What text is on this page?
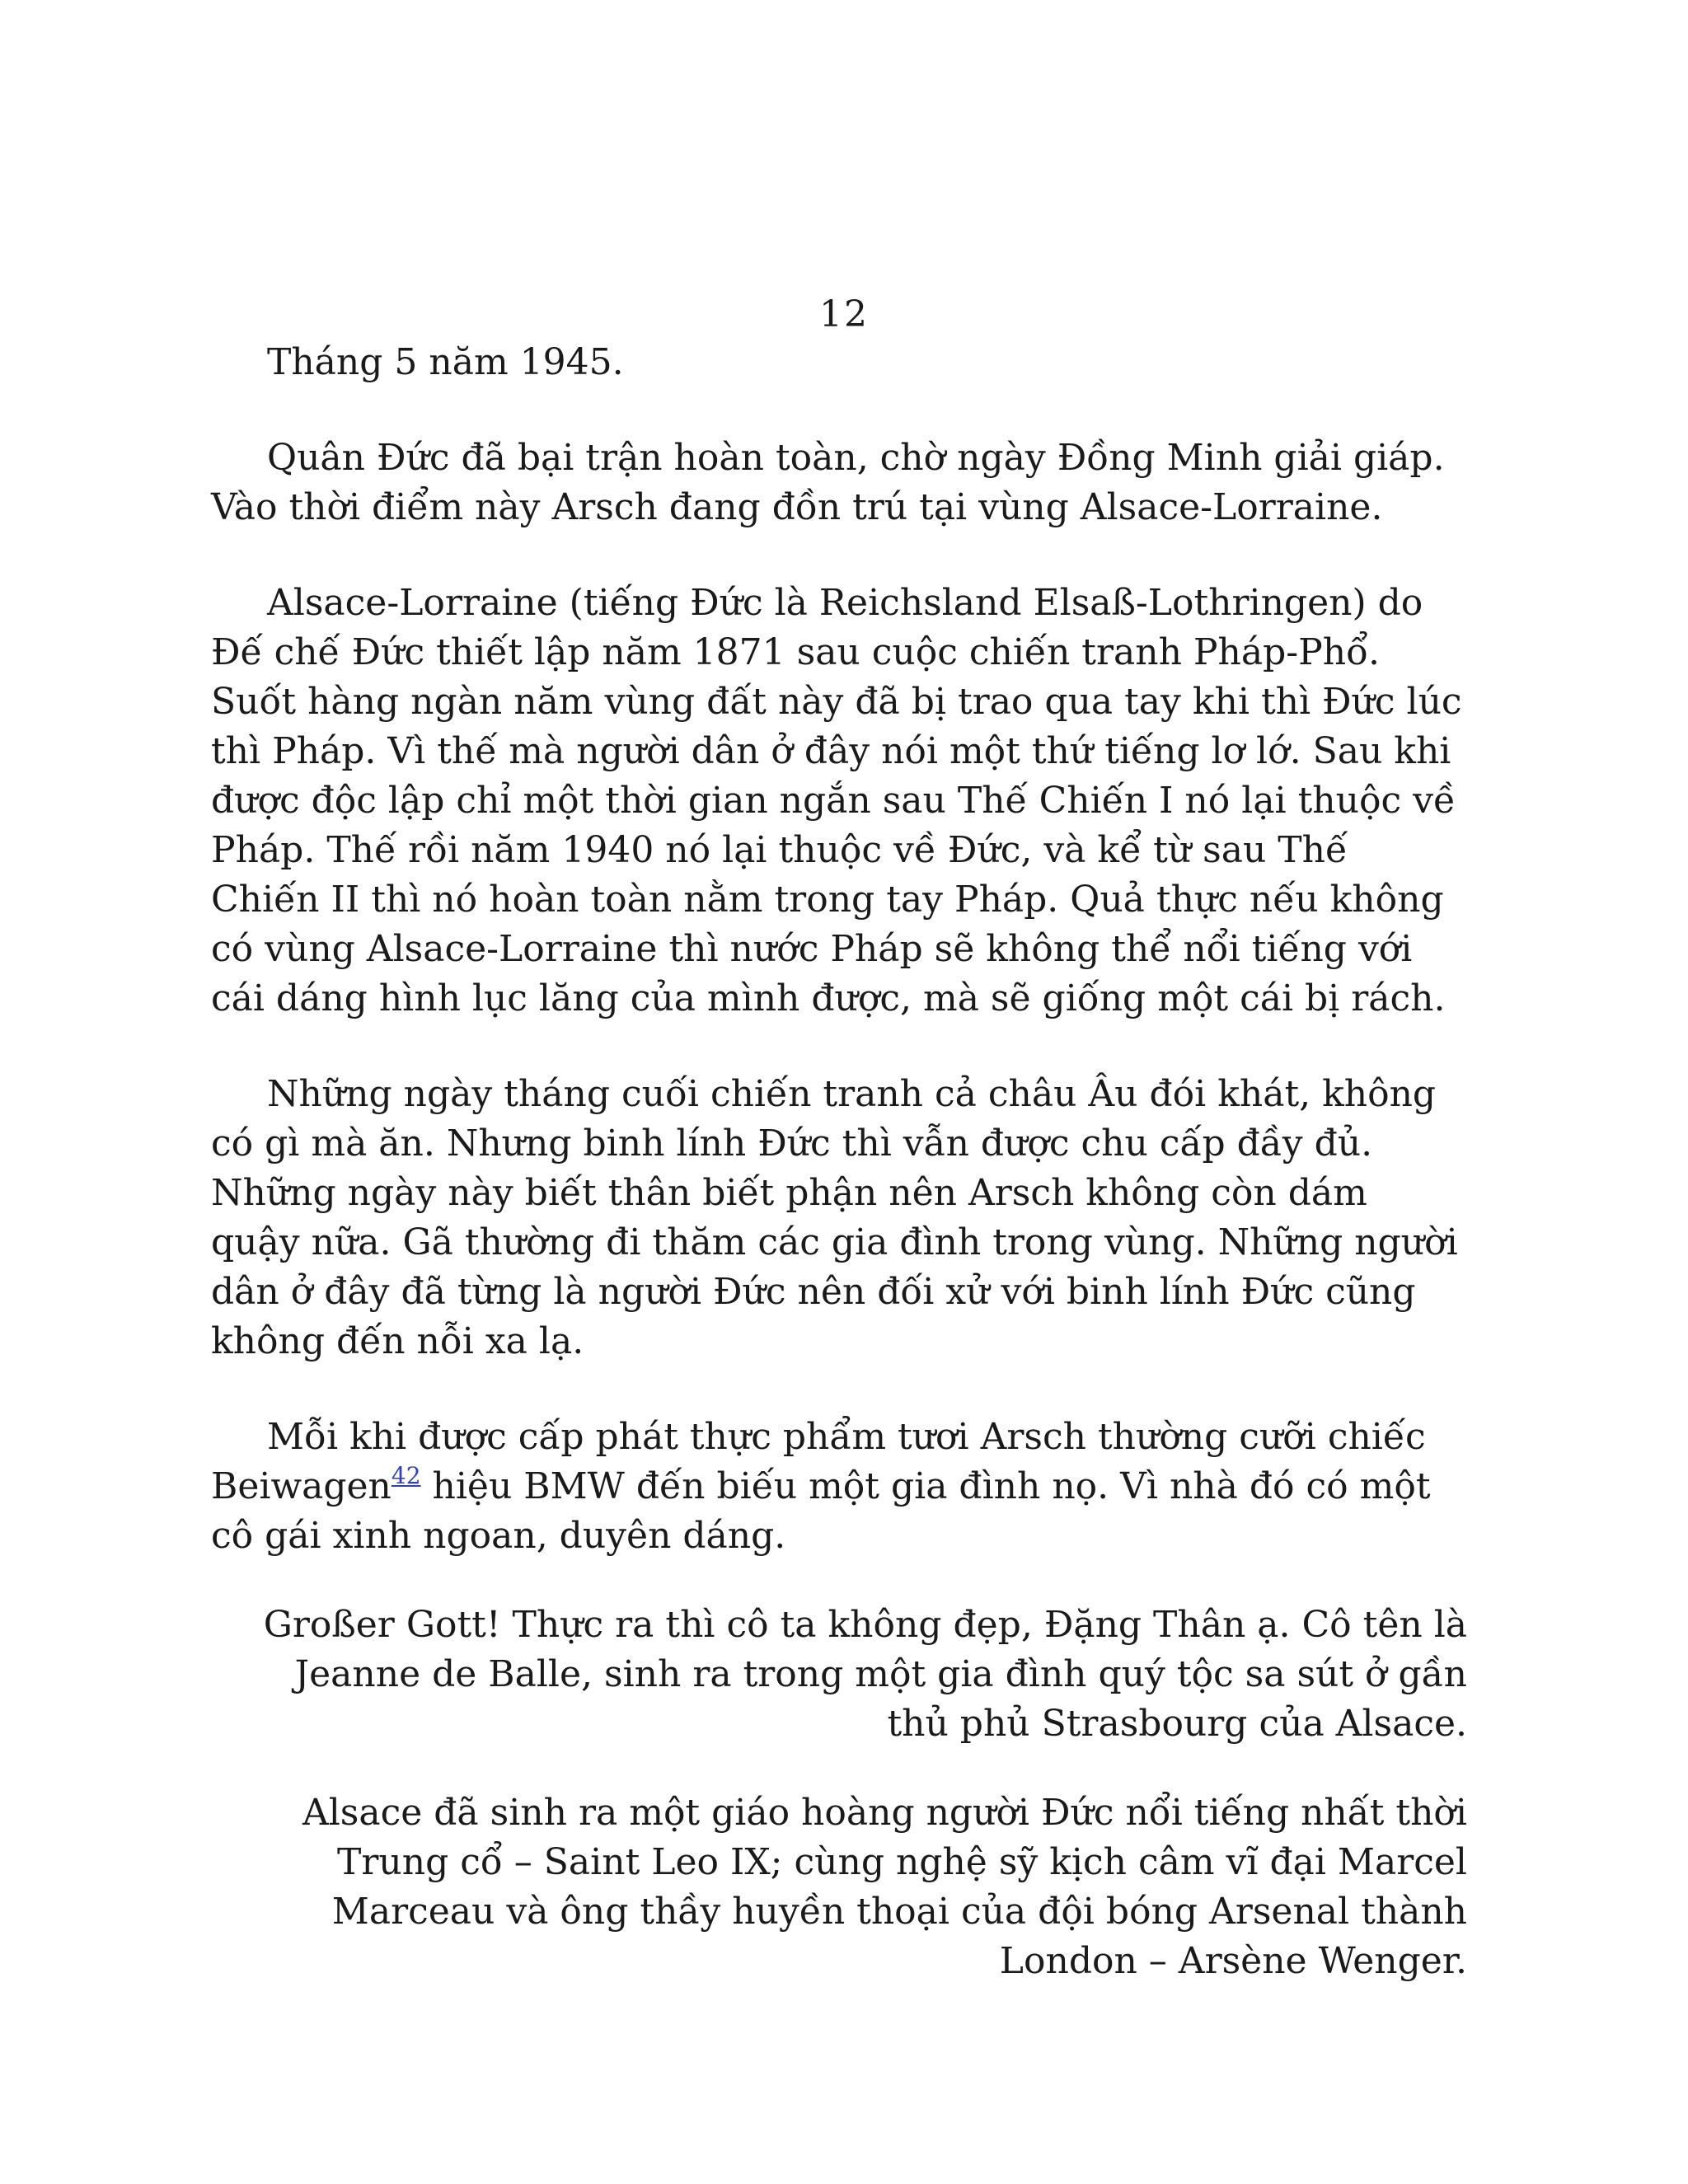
12

Tháng 5 năm 1945.

Quân Đức đã bại trận hoàn toàn, chờ ngày Đồng Minh giải giáp. Vào thời điểm này Arsch đang đồn trú tại vùng Alsace-Lorraine.

Alsace-Lorraine (tiếng Đức là Reichsland Elsaß-Lothringen) do Đế chế Đức thiết lập năm 1871 sau cuộc chiến tranh Pháp-Phổ. Suốt hàng ngàn năm vùng đất này đã bị trao qua tay khi thì Đức lúc thì Pháp. Vì thế mà người dân ở đây nói một thứ tiếng lơ lớ. Sau khi được độc lập chỉ một thời gian ngắn sau Thế Chiến I nó lại thuộc về Pháp. Thế rồi năm 1940 nó lại thuộc về Đức, và kể từ sau Thế Chiến II thì nó hoàn toàn nằm trong tay Pháp. Quả thực nếu không có vùng Alsace-Lorraine thì nước Pháp sẽ không thể nổi tiếng với cái dáng hình lục lăng của mình được, mà sẽ giống một cái bị rách.

Những ngày tháng cuối chiến tranh cả châu Âu đói khát, không có gì mà ăn. Nhưng binh lính Đức thì vẫn được chu cấp đầy đủ. Những ngày này biết thân biết phận nên Arsch không còn dám quậy nữa. Gã thường đi thăm các gia đình trong vùng. Những người dân ở đây đã từng là người Đức nên đối xử với binh lính Đức cũng không đến nỗi xa lạ.

Mỗi khi được cấp phát thực phẩm tươi Arsch thường cưỡi chiếc Beiwagen$^{42}$ hiệu BMW đến biếu một gia đình nọ. Vì nhà đó có một cô gái xinh ngoan, duyên dáng.

Großer Gott! Thực ra thì cô ta không đẹp, Đặng Thân ạ. Cô tên là Jeanne de Balle, sinh ra trong một gia đình quý tộc sa sút ở gần thủ phủ Strasbourg của Alsace.

Alsace đã sinh ra một giáo hoàng người Đức nổi tiếng nhất thời Trung cổ – Saint Leo IX; cùng nghệ sỹ kịch câm vĩ đại Marcel Marceau và ông thầy huyền thoại của đội bóng Arsenal thành London – Arsène Wenger.
